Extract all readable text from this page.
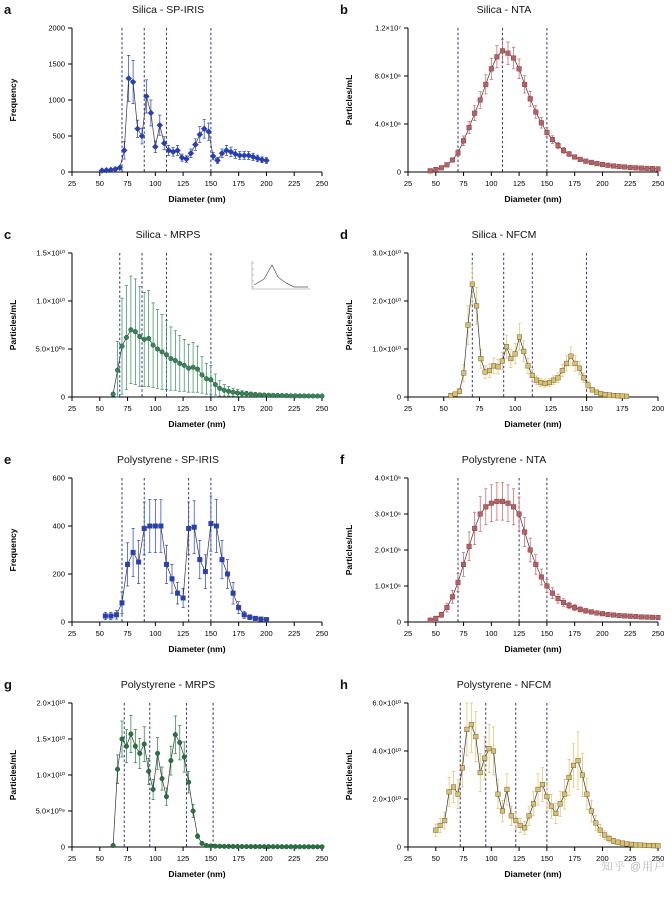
a	Silica - SP-IRIS
25	50	75 100 125 150 175 200 225 250
0
500
1000
1500
2000
Diameter (nm)
Frequency
b	Silica - NTA
25	50	75 100 125 150 175 200 225 250
0
4.0×10⁶
8.0×10⁶
1.2×10⁷
Diameter (nm)
Particles/mL
c	Silica - MRPS
25	50	75 100 125 150 175 200 225 250
0
5.0×10⁰⁹
1.0×10¹⁰
1.5×10¹⁰
Diameter (nm)
Particles/mL
d	Silica - NFCM
25	50	75	100	125	150	175	200
0
1.0×10¹⁰
2.0×10¹⁰
3.0×10¹⁰
Diameter (nm)
Particles/mL
e	Polystyrene - SP-IRIS
25	50	75 100 125 150 175 200 225 250
0
200
400
600
Diameter (nm)
Frequency
f	Polystyrene - NTA
25	50	75 100 125 150 175 200 225 250
0
1.0×10⁶
2.0×10⁶
3.0×10⁶
4.0×10⁶
Diameter (nm)
Particles/mL
g	Polystyrene - MRPS
25	50	75 100 125 150 175 200 225 250
0
5.0×10⁰⁹
1.0×10¹⁰
1.5×10¹⁰
2.0×10¹⁰
Diameter (nm)
Particles/mL
h	Polystyrene - NFCM
25	50	75 100 125 150 175 200 225 250
0
2.0×10¹⁰
4.0×10¹⁰
6.0×10¹⁰
Diameter (nm)
Particles/mL
知乎 @用户
